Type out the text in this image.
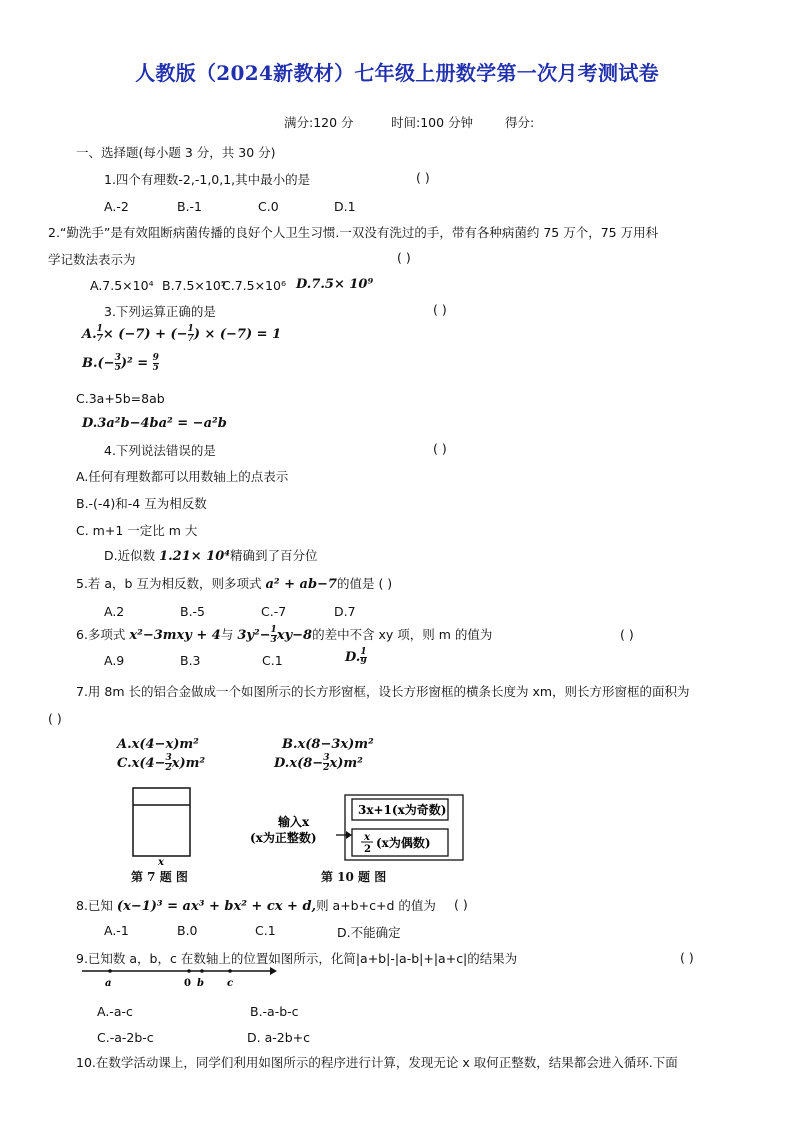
人教版（2024新教材）七年级上册数学第一次月考测试卷
满分:120 分	时间:100 分钟	得分:
一、选择题(每小题 3 分，共 30 分)
1.四个有理数-2,-1,0,1,其中最小的是	( )
A.-2	B.-1	C.0	D.1
2.“勤洗手”是有效阻断病菌传播的良好个人卫生习惯.一双没有洗过的手，带有各种病菌约 75 万个，75 万用科
学记数法表示为	( )
A.7.5×10⁴ B.7.5×10⁵
C.7.5×10⁶ D.7.5× 10⁹
3.下列运算正确的是	( )
A. $\frac{1}{7} \times (-7)$ + (− $\frac{1}{7}$ ) × (−7) = 1
$B.(- \frac{3}{5} )^2 = \frac{9}{5}$
C.3a+5b=8ab
D.3a²b−4ba² = −a²b
4.下列说法错误的是	( )
A.任何有理数都可以用数轴上的点表示
B.-(-4)和-4 互为相反数
C. m+1 一定比 m 大
D.近似数 1.21× 10⁴精确到了百分位
5.若 a，b 互为相反数，则多项式 a² + ab−7的值是 ( )
A.2	B.-5	C.-7	D.7
6.多项式 x²−3mxy + 4与 $3y^2- \frac{1}{3} xy-8$的差中不含 xy 项，则 m 的值为	( )
A.9	B.3	C.1	D. $\frac{1}{9}$
7.用 8m 长的铝合金做成一个如图所示的长方形窗框，设长方形窗框的横条长度为 xm，则长方形窗框的面积为
( )
A.x(4−x)m²	B.x(8−3x)m²
$C.x(4- \frac{3}{2} x)m^2$	$D.x(8- \frac{3}{2} x)m^2$
x
第 7 题 图
输入x
(x为正整数)
3x+1(x为奇数)
x
2 (x为偶数)
第 10 题 图
8.已知 (x−1)³ = ax³ + bx² + cx + d,则 a+b+c+d 的值为 ( )
A.-1	B.0	C.1	D.不能确定
9.已知数 a，b，c 在数轴上的位置如图所示，化简|a+b|-|a-b|+|a+c|的结果为	( )
a	0 b c
A.-a-c	B.-a-b-c
C.-a-2b-c	D. a-2b+c
10.在数学活动课上，同学们利用如图所示的程序进行计算，发现无论 x 取何正整数，结果都会进入循环.下面
